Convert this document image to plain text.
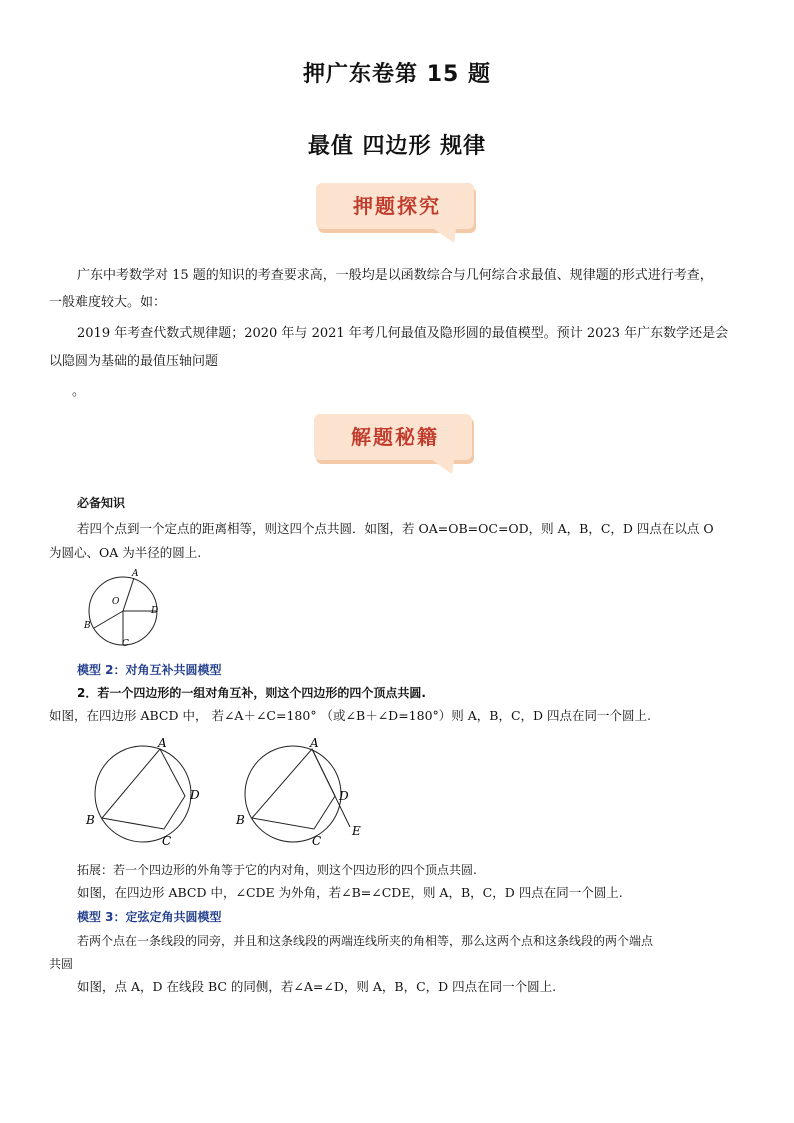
押广东卷第 15 题
最值 四边形 规律
押题探究
广东中考数学对 15 题的知识的考查要求高，一般均是以函数综合与几何综合求最值、规律题的形式进行考查，
一般难度较大。如：
2019 年考查代数式规律题；2020 年与 2021 年考几何最值及隐形圆的最值模型。预计 2023 年广东数学还是会
以隐圆为基础的最值压轴问题
。
解题秘籍
必备知识
若四个点到一个定点的距离相等，则这四个点共圆．如图，若 OA=OB=OC=OD，则 A，B，C，D 四点在以点 O
为圆心、OA 为半径的圆上.
A
O
D
B
C
模型 2：对角互补共圆模型
2．若一个四边形的一组对角互补，则这个四边形的四个顶点共圆.
如图，在四边形 ABCD 中， 若∠A＋∠C=180° （或∠B＋∠D=180°）则 A，B，C，D 四点在同一个圆上.
A
D
B
C
A
D
B
C
E
拓展：若一个四边形的外角等于它的内对角，则这个四边形的四个顶点共圆.
如图，在四边形 ABCD 中，∠CDE 为外角，若∠B=∠CDE，则 A，B，C，D 四点在同一个圆上.
模型 3：定弦定角共圆模型
若两个点在一条线段的同旁，并且和这条线段的两端连线所夹的角相等，那么这两个点和这条线段的两个端点
共圆
如图，点 A，D 在线段 BC 的同侧，若∠A=∠D，则 A，B，C，D 四点在同一个圆上.
